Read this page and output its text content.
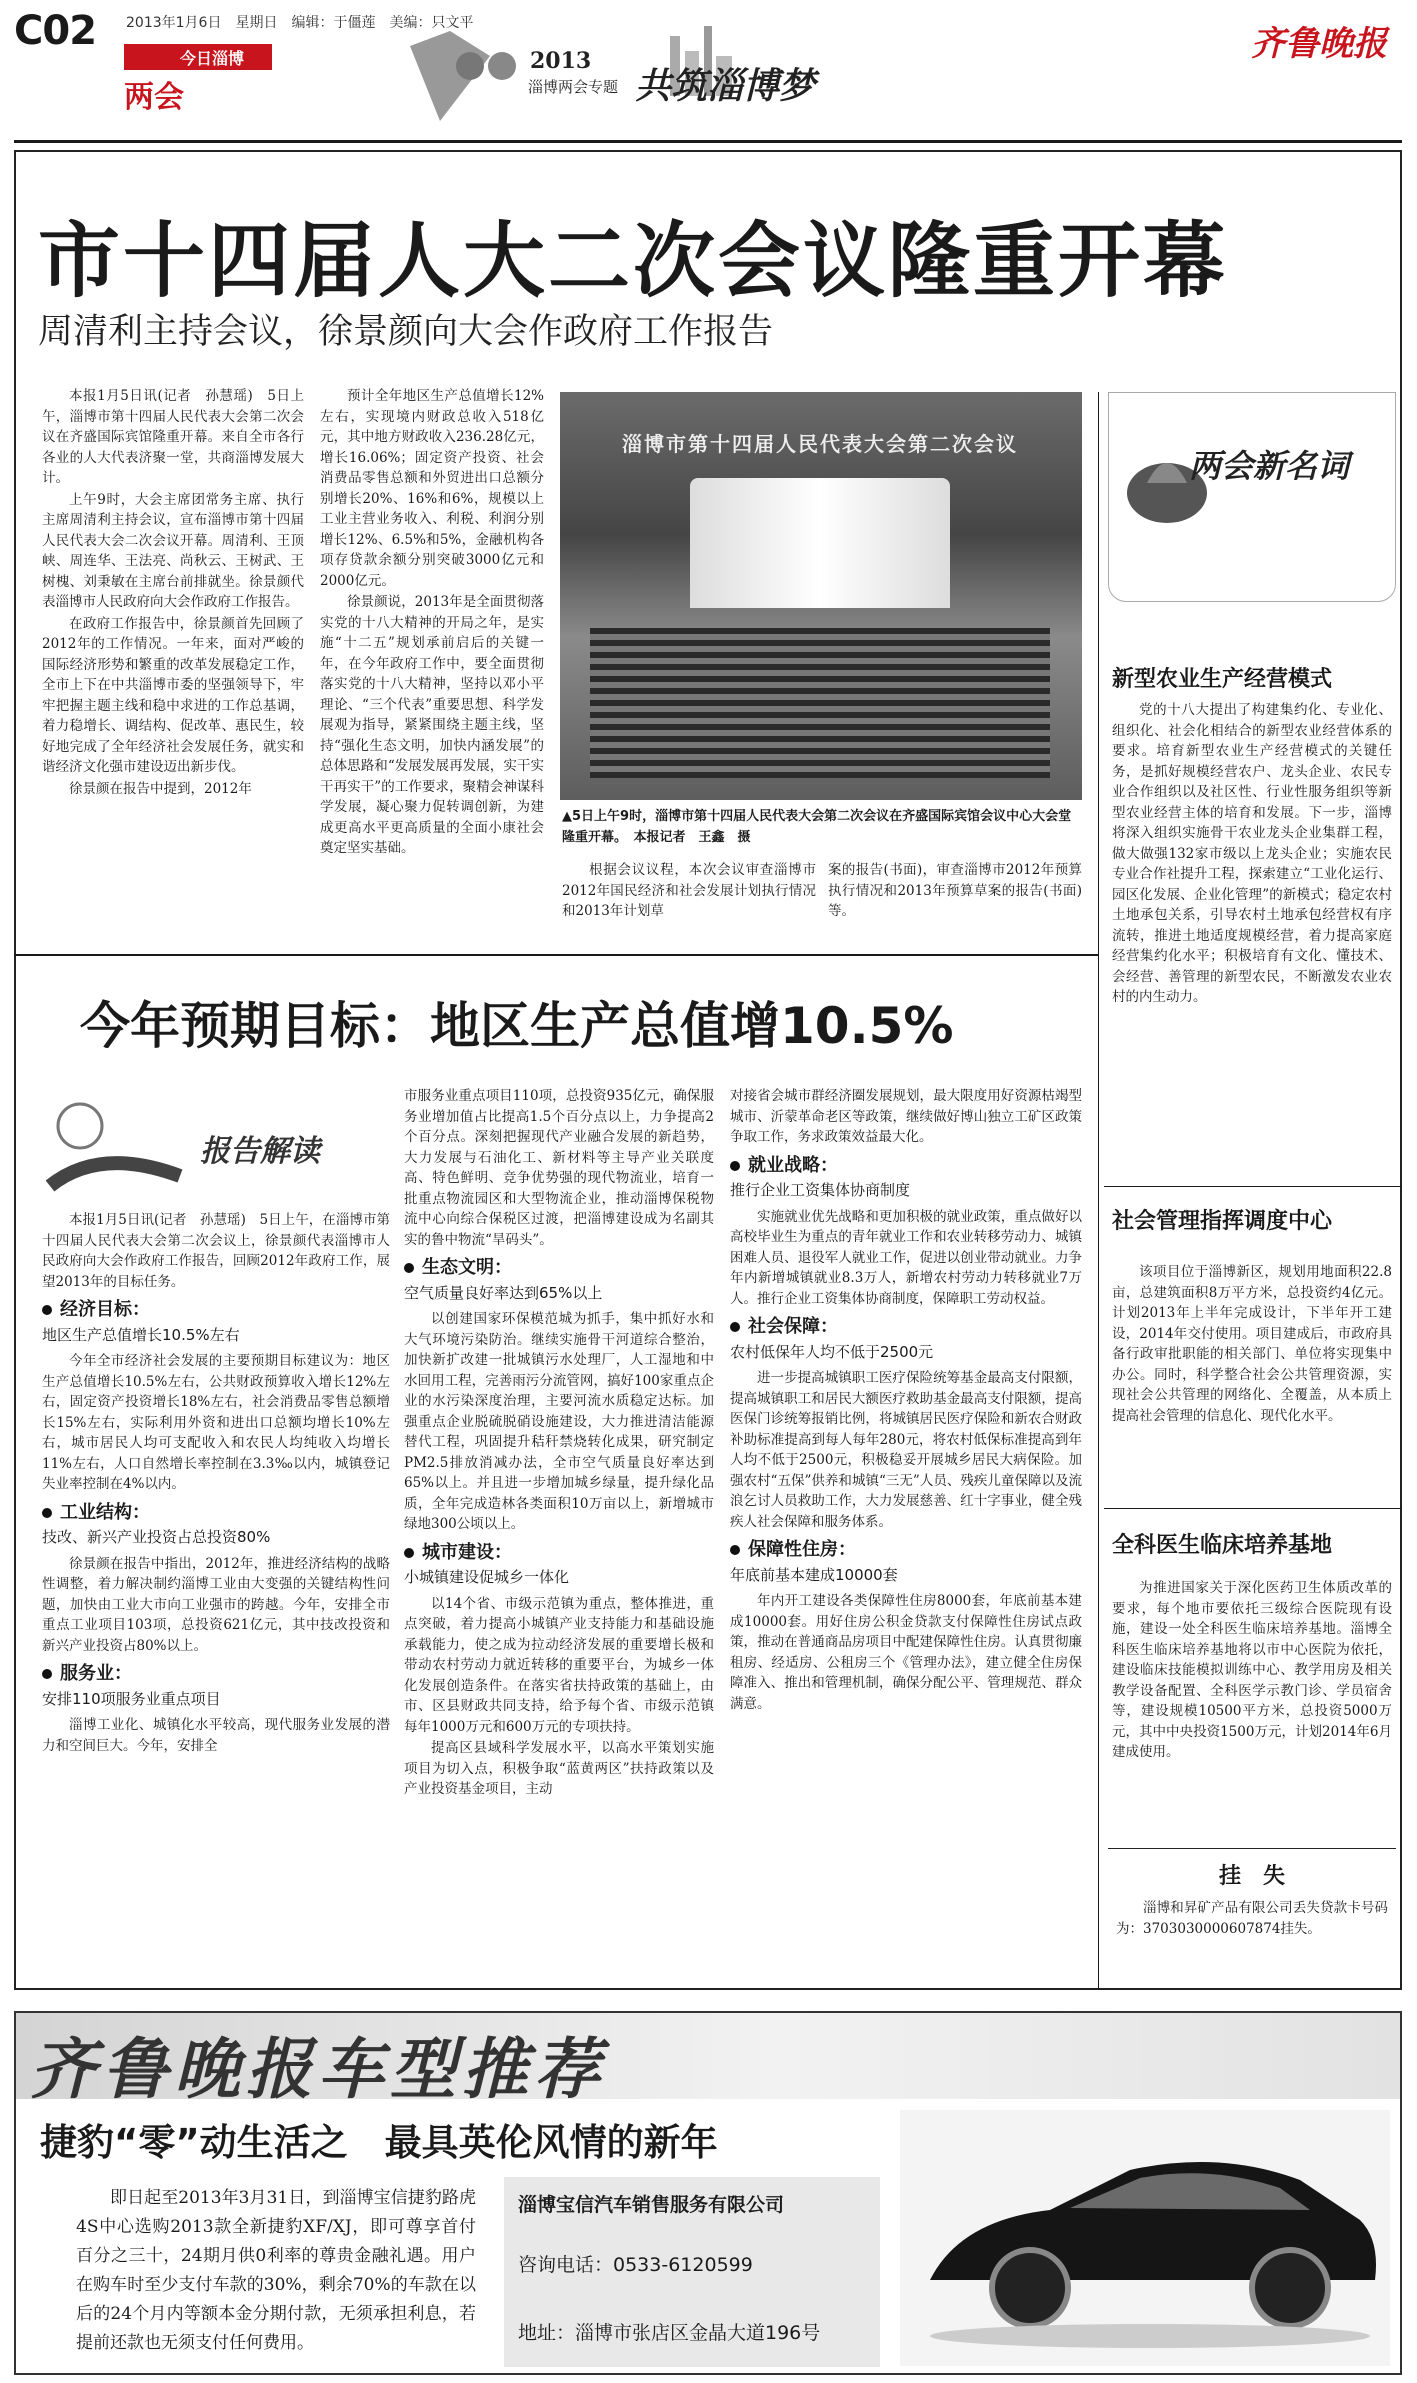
C02 2013年1月6日　星期日　编辑：于僵莲　美编：只文平
今日淄博
两会
2013
淄博两会专题 共筑淄博梦
齐鲁晚报
市十四届人大二次会议隆重开幕
周清利主持会议，徐景颜向大会作政府工作报告

本报1月5日讯(记者　孙慧瑶)　5日上午，淄博市第十四届人民代表大会第二次会议在齐盛国际宾馆隆重开幕。来自全市各行各业的人大代表济聚一堂，共商淄博发展大计。

上午9时，大会主席团常务主席、执行主席周清利主持会议，宣布淄博市第十四届人民代表大会二次会议开幕。周清利、王顶峡、周连华、王法亮、尚秋云、王树武、王树槐、刘秉敏在主席台前排就坐。徐景颜代表淄博市人民政府向大会作政府工作报告。

在政府工作报告中，徐景颜首先回顾了2012年的工作情况。一年来，面对严峻的国际经济形势和繁重的改革发展稳定工作，全市上下在中共淄博市委的坚强领导下，牢牢把握主题主线和稳中求进的工作总基调，着力稳增长、调结构、促改革、惠民生，较好地完成了全年经济社会发展任务，就实和谐经济文化强市建设迈出新步伐。

徐景颜在报告中提到，2012年

预计全年地区生产总值增长12%左右，实现境内财政总收入518亿元，其中地方财政收入236.28亿元，增长16.06%；固定资产投资、社会消费品零售总额和外贸进出口总额分别增长20%、16%和6%，规模以上工业主营业务收入、利税、利润分别增长12%、6.5%和5%，金融机构各项存贷款余额分别突破3000亿元和2000亿元。

徐景颜说，2013年是全面贯彻落实党的十八大精神的开局之年，是实施“十二五”规划承前启后的关键一年，在今年政府工作中，要全面贯彻落实党的十八大精神，坚持以邓小平理论、“三个代表”重要思想、科学发展观为指导，紧紧围绕主题主线，坚持“强化生态文明，加快内涵发展”的总体思路和“发展发展再发展，实干实干再实干”的工作要求，聚精会神谋科学发展，凝心聚力促转调创新，为建成更高水平更高质量的全面小康社会奠定坚实基础。

淄博市第十四届人民代表大会第二次会议
▲5日上午9时，淄博市第十四届人民代表大会第二次会议在齐盛国际宾馆会议中心大会堂隆重开幕。　本报记者　王鑫　摄

根据会议议程，本次会议审查淄博市2012年国民经济和社会发展计划执行情况和2013年计划草

案的报告(书面)，审查淄博市2012年预算执行情况和2013年预算草案的报告(书面)等。

两会新名词
新型农业生产经营模式

党的十八大提出了构建集约化、专业化、组织化、社会化相结合的新型农业经营体系的要求。培育新型农业生产经营模式的关键任务，是抓好规模经营农户、龙头企业、农民专业合作组织以及社区性、行业性服务组织等新型农业经营主体的培育和发展。下一步，淄博将深入组织实施骨干农业龙头企业集群工程，做大做强132家市级以上龙头企业；实施农民专业合作社提升工程，探索建立“工业化运行、园区化发展、企业化管理”的新模式；稳定农村土地承包关系，引导农村土地承包经营权有序流转，推进土地适度规模经营，着力提高家庭经营集约化水平；积极培育有文化、懂技术、会经营、善管理的新型农民，不断激发农业农村的内生动力。

社会管理指挥调度中心

该项目位于淄博新区，规划用地面积22.8亩，总建筑面积8万平方米，总投资约4亿元。计划2013年上半年完成设计，下半年开工建设，2014年交付使用。项目建成后，市政府具备行政审批职能的相关部门、单位将实现集中办公。同时，科学整合社会公共管理资源，实现社会公共管理的网络化、全覆盖，从本质上提高社会管理的信息化、现代化水平。

全科医生临床培养基地

为推进国家关于深化医药卫生体质改革的要求，每个地市要依托三级综合医院现有设施，建设一处全科医生临床培养基地。淄博全科医生临床培养基地将以市中心医院为依托，建设临床技能模拟训练中心、教学用房及相关教学设备配置、全科医学示教门诊、学员宿舍等，建设规模10500平方米，总投资5000万元，其中中央投资1500万元，计划2014年6月建成使用。

挂　失

淄博和昇矿产品有限公司丢失贷款卡号码为：3703030000607874挂失。

今年预期目标：地区生产总值增10.5%
报告解读

本报1月5日讯(记者　孙慧瑶)　5日上午，在淄博市第十四届人民代表大会第二次会议上，徐景颜代表淄博市人民政府向大会作政府工作报告，回顾2012年政府工作，展望2013年的目标任务。

经济目标：
地区生产总值增长10.5%左右

今年全市经济社会发展的主要预期目标建议为：地区生产总值增长10.5%左右，公共财政预算收入增长12%左右，固定资产投资增长18%左右，社会消费品零售总额增长15%左右，实际利用外资和进出口总额均增长10%左右，城市居民人均可支配收入和农民人均纯收入均增长11%左右，人口自然增长率控制在3.3‰以内，城镇登记失业率控制在4%以内。

工业结构：
技改、新兴产业投资占总投资80%

徐景颜在报告中指出，2012年，推进经济结构的战略性调整，着力解决制约淄博工业由大变强的关键结构性问题，加快由工业大市向工业强市的跨越。今年，安排全市重点工业项目103项，总投资621亿元，其中技改投资和新兴产业投资占80%以上。

服务业：
安排110项服务业重点项目

淄博工业化、城镇化水平较高，现代服务业发展的潜力和空间巨大。今年，安排全

市服务业重点项目110项，总投资935亿元，确保服务业增加值占比提高1.5个百分点以上，力争提高2个百分点。深刻把握现代产业融合发展的新趋势，大力发展与石油化工、新材料等主导产业关联度高、特色鲜明、竞争优势强的现代物流业，培育一批重点物流园区和大型物流企业，推动淄博保税物流中心向综合保税区过渡，把淄博建设成为名副其实的鲁中物流“旱码头”。

生态文明：
空气质量良好率达到65%以上

以创建国家环保模范城为抓手，集中抓好水和大气环境污染防治。继续实施骨干河道综合整治，加快新扩改建一批城镇污水处理厂，人工湿地和中水回用工程，完善雨污分流管网，搞好100家重点企业的水污染深度治理，主要河流水质稳定达标。加强重点企业脱硫脱硝设施建设，大力推进清洁能源替代工程，巩固提升秸秆禁烧转化成果，研究制定PM2.5排放消减办法，全市空气质量良好率达到65%以上。并且进一步增加城乡绿量，提升绿化品质，全年完成造林各类面积10万亩以上，新增城市绿地300公顷以上。

城市建设：
小城镇建设促城乡一体化

以14个省、市级示范镇为重点，整体推进，重点突破，着力提高小城镇产业支持能力和基础设施承载能力，使之成为拉动经济发展的重要增长极和带动农村劳动力就近转移的重要平台，为城乡一体化发展创造条件。在落实省扶持政策的基础上，由市、区县财政共同支持，给予每个省、市级示范镇每年1000万元和600万元的专项扶持。

提高区县域科学发展水平，以高水平策划实施项目为切入点，积极争取“蓝黄两区”扶持政策以及产业投资基金项目，主动

对接省会城市群经济圈发展规划，最大限度用好资源枯竭型城市、沂蒙革命老区等政策，继续做好博山独立工矿区政策争取工作，务求政策效益最大化。

就业战略：
推行企业工资集体协商制度

实施就业优先战略和更加积极的就业政策，重点做好以高校毕业生为重点的青年就业工作和农业转移劳动力、城镇困难人员、退役军人就业工作，促进以创业带动就业。力争年内新增城镇就业8.3万人，新增农村劳动力转移就业7万人。推行企业工资集体协商制度，保障职工劳动权益。

社会保障：
农村低保年人均不低于2500元

进一步提高城镇职工医疗保险统筹基金最高支付限额，提高城镇职工和居民大额医疗救助基金最高支付限额，提高医保门诊统筹报销比例，将城镇居民医疗保险和新农合财政补助标准提高到每人每年280元，将农村低保标准提高到年人均不低于2500元，积极稳妥开展城乡居民大病保险。加强农村“五保”供养和城镇“三无”人员、残疾儿童保障以及流浪乞讨人员救助工作，大力发展慈善、红十字事业，健全残疾人社会保障和服务体系。

保障性住房：
年底前基本建成10000套

年内开工建设各类保障性住房8000套，年底前基本建成10000套。用好住房公积金贷款支付保障性住房试点政策，推动在普通商品房项目中配建保障性住房。认真贯彻廉租房、经适房、公租房三个《管理办法》，建立健全住房保障准入、推出和管理机制，确保分配公平、管理规范、群众满意。

齐鲁晚报车型推荐
捷豹“零”动生活之　最具英伦风情的新年

即日起至2013年3月31日，到淄博宝信捷豹路虎4S中心选购2013款全新捷豹XF/XJ，即可尊享首付百分之三十，24期月供0利率的尊贵金融礼遇。用户在购车时至少支付车款的30%，剩余70%的车款在以后的24个月内等额本金分期付款，无须承担利息，若提前还款也无须支付任何费用。

淄博宝信汽车销售服务有限公司
咨询电话：0533-6120599
地址：淄博市张店区金晶大道196号
